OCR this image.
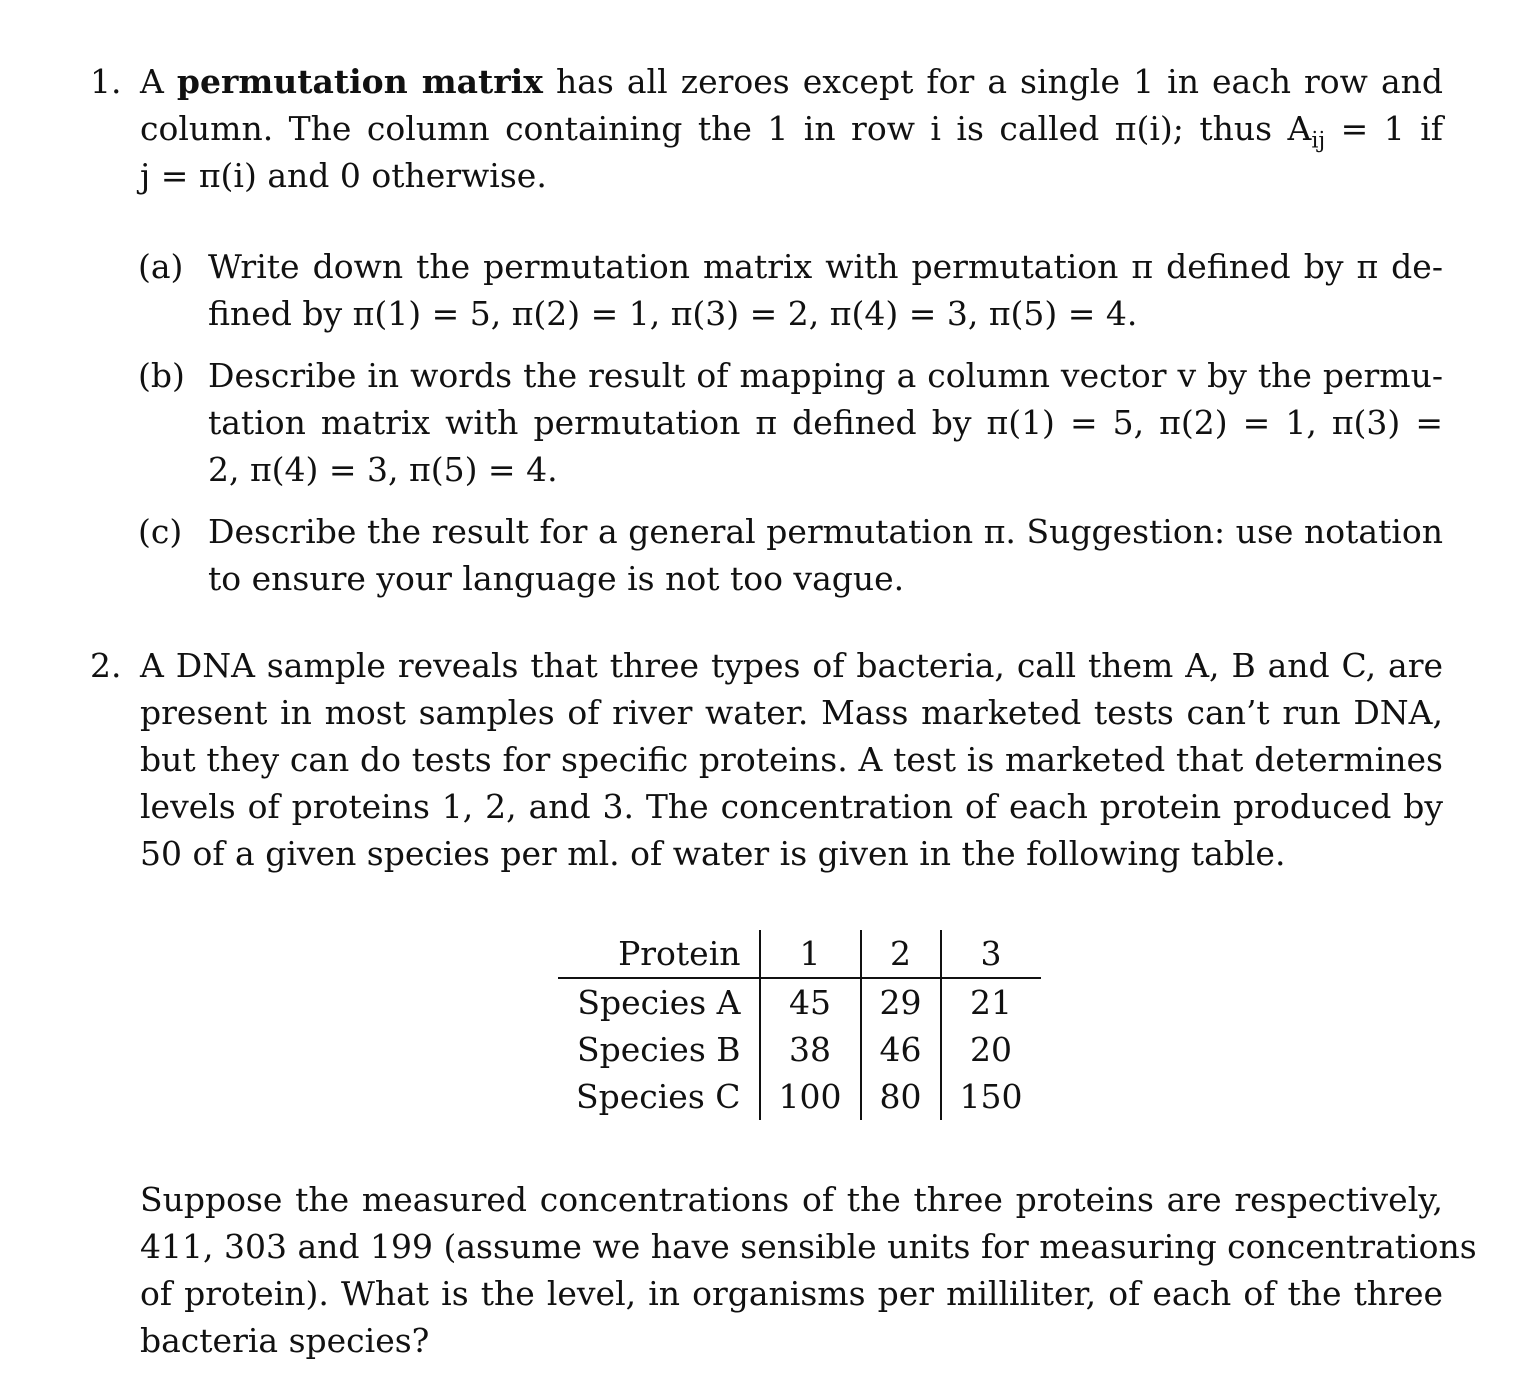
1. A permutation matrix has all zeroes except for a single 1 in each row and
column. The column containing the 1 in row i is called π(i); thus $A_{ij} = 1$ if
j = π(i) and 0 otherwise.
(a) Write down the permutation matrix with permutation π defined by π de-
fined by π(1) = 5, π(2) = 1, π(3) = 2, π(4) = 3, π(5) = 4.
(b) Describe in words the result of mapping a column vector v by the permu-
tation matrix with permutation π defined by π(1) = 5, π(2) = 1, π(3) =
2, π(4) = 3, π(5) = 4.
(c) Describe the result for a general permutation π. Suggestion: use notation
to ensure your language is not too vague.
2. A DNA sample reveals that three types of bacteria, call them A, B and C, are
present in most samples of river water. Mass marketed tests can’t run DNA,
but they can do tests for specific proteins. A test is marketed that determines
levels of proteins 1, 2, and 3. The concentration of each protein produced by
50 of a given species per ml. of water is given in the following table.
Protein	1	2	3
Species A	45	29	21
Species B	38	46	20
Species C	100	80	150
Suppose the measured concentrations of the three proteins are respectively,
411, 303 and 199 (assume we have sensible units for measuring concentrations
of protein). What is the level, in organisms per milliliter, of each of the three
bacteria species?
